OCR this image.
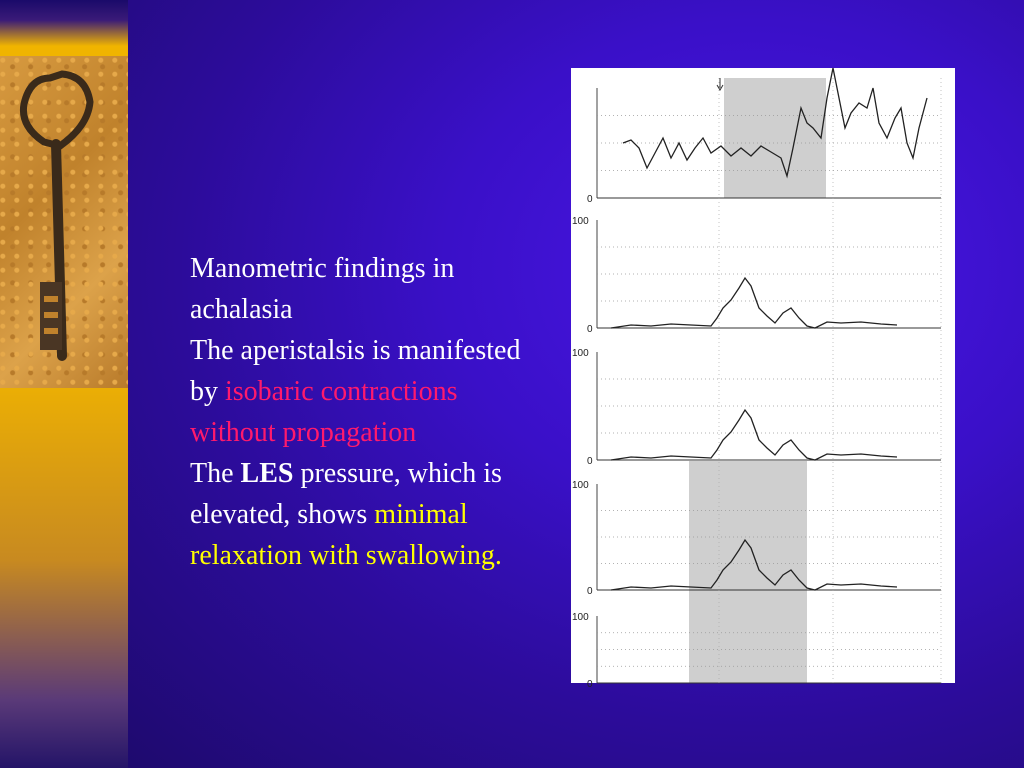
Manometric findings in achalasia
The aperistalsis is manifested by isobaric contractions without propagation
The LES pressure, which is elevated, shows minimal relaxation with swallowing.
0
100
0
100
0
100
0
100
0
